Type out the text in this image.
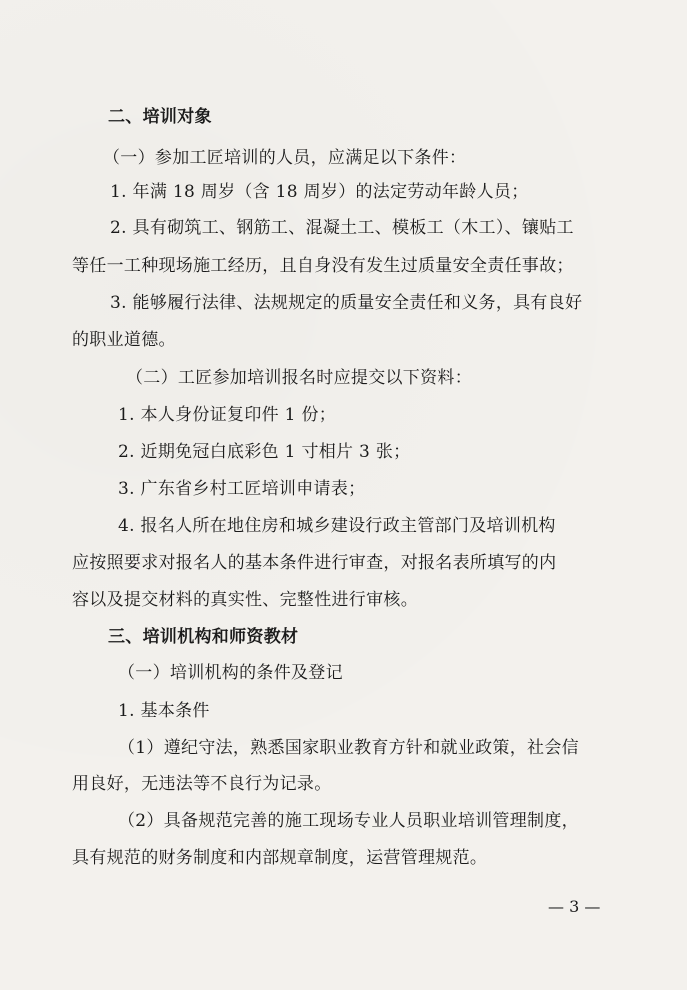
二、培训对象
（一）参加工匠培训的人员，应满足以下条件：
1. 年满 18 周岁（含 18 周岁）的法定劳动年龄人员；
2. 具有砌筑工、钢筋工、混凝土工、模板工（木工）、镶贴工
等任一工种现场施工经历，且自身没有发生过质量安全责任事故；
3. 能够履行法律、法规规定的质量安全责任和义务，具有良好
的职业道德。
（二）工匠参加培训报名时应提交以下资料：
1. 本人身份证复印件 1 份；
2. 近期免冠白底彩色 1 寸相片 3 张；
3. 广东省乡村工匠培训申请表；
4. 报名人所在地住房和城乡建设行政主管部门及培训机构
应按照要求对报名人的基本条件进行审查，对报名表所填写的内
容以及提交材料的真实性、完整性进行审核。
三、培训机构和师资教材
（一）培训机构的条件及登记
1. 基本条件
（1）遵纪守法，熟悉国家职业教育方针和就业政策，社会信
用良好，无违法等不良行为记录。
（2）具备规范完善的施工现场专业人员职业培训管理制度，
具有规范的财务制度和内部规章制度，运营管理规范。
— 3 —
